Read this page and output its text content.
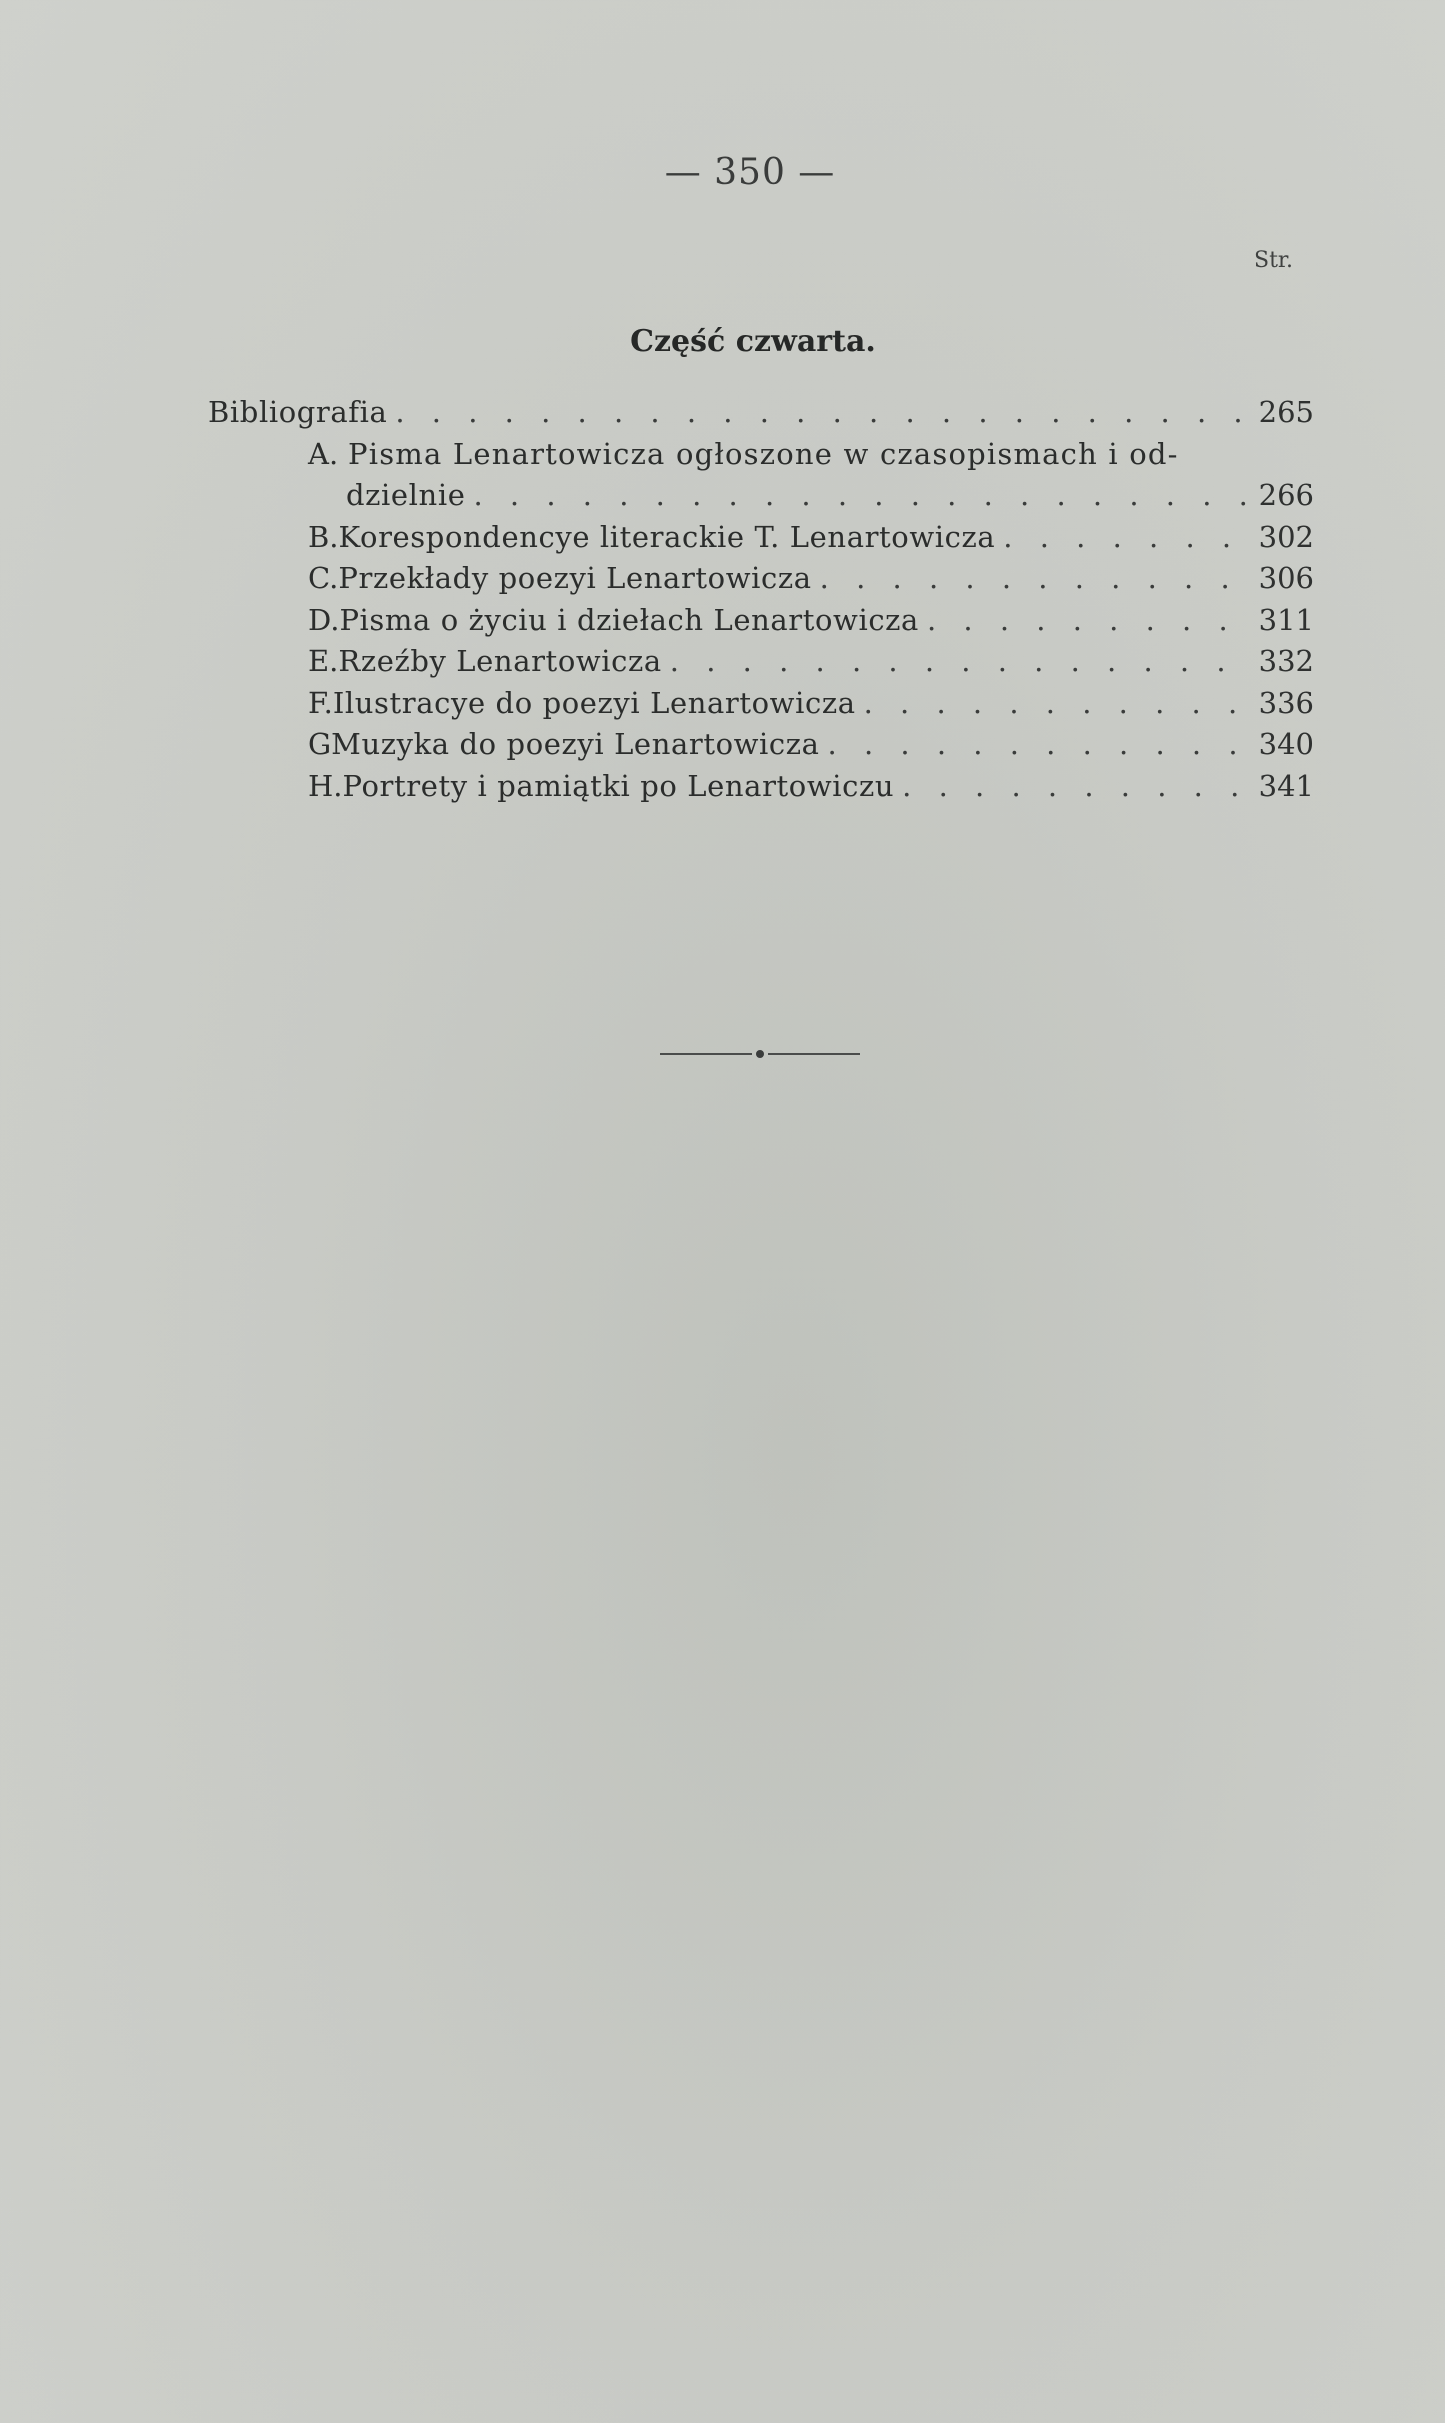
— 350 —
Str.
Część czwarta.
Bibliografia . . .	265
A. Pisma Lenartowicza ogłoszone w czasopismach i od-
dzielnie . . .	266
B. Korespondencye literackie T. Lenartowicza . . .	302
C. Przekłady poezyi Lenartowicza . . .	306
D. Pisma o życiu i dziełach Lenartowicza . . .	311
E. Rzeźby Lenartowicza . . .	332
F. Ilustracye do poezyi Lenartowicza . . .	336
G Muzyka do poezyi Lenartowicza . . .	340
H. Portrety i pamiątki po Lenartowiczu . . .	341
